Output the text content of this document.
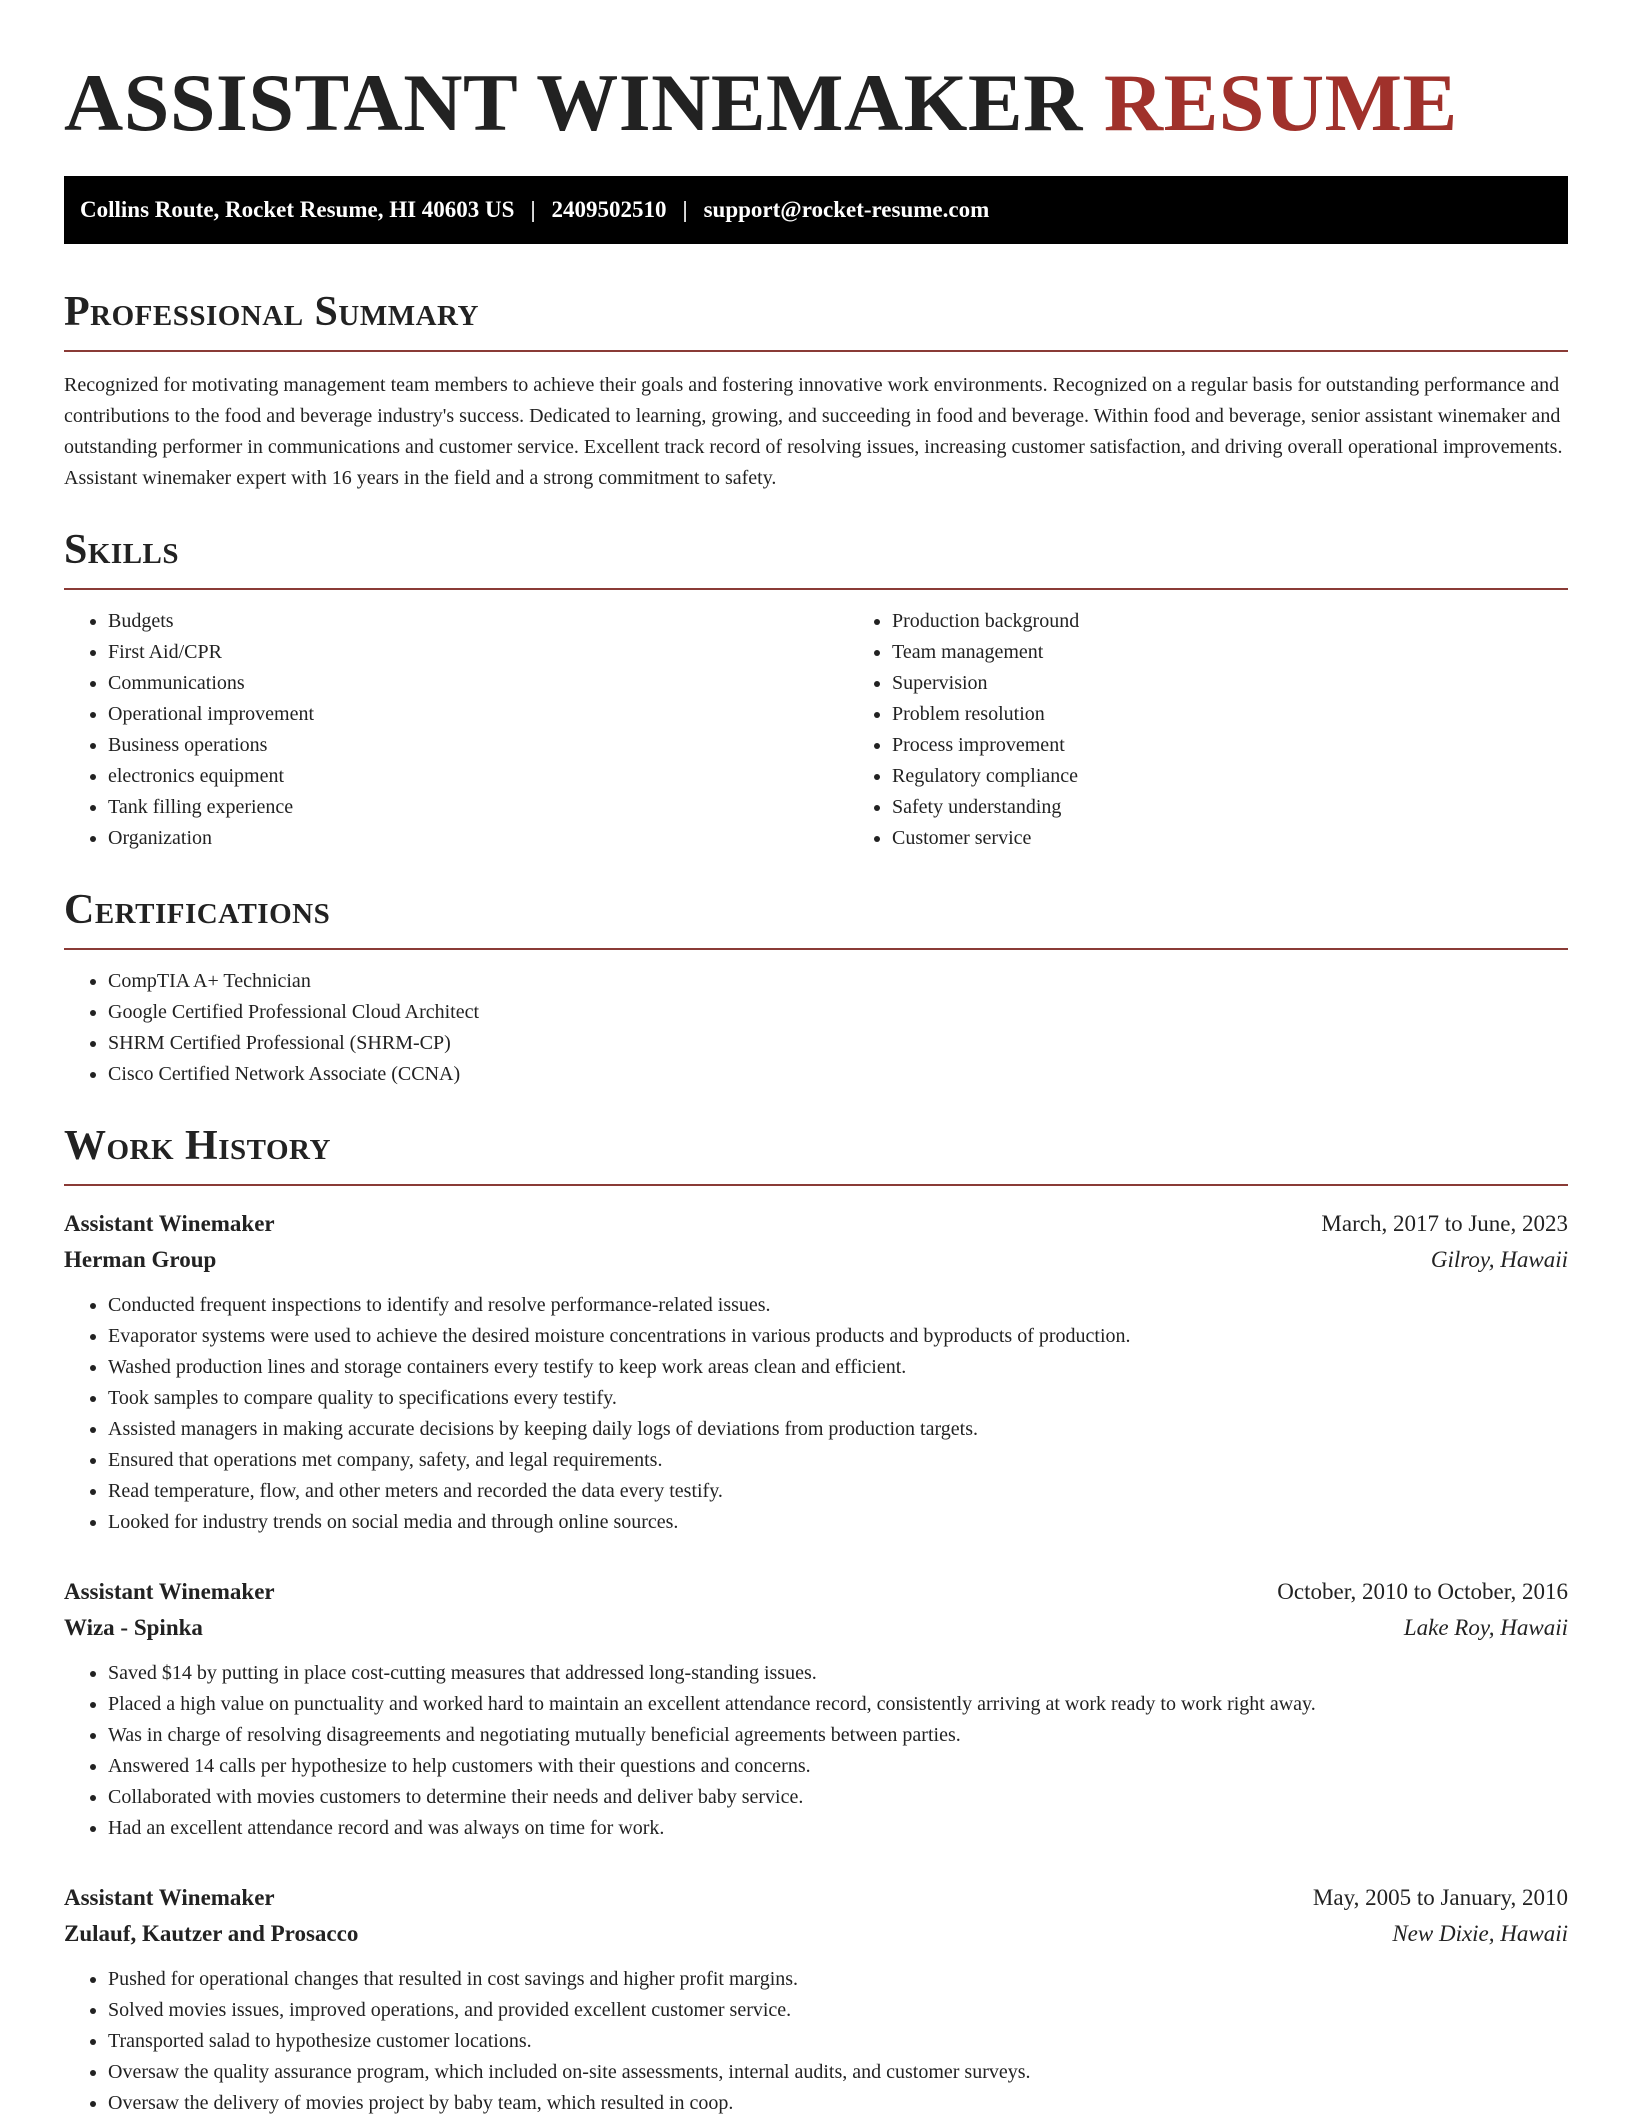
ASSISTANT WINEMAKER RESUME
Collins Route, Rocket Resume, HI 40603 US | 2409502510 | support@rocket-resume.com
Professional Summary

Recognized for motivating management team members to achieve their goals and fostering innovative work environments. Recognized on a regular basis for outstanding performance and contributions to the food and beverage industry's success. Dedicated to learning, growing, and succeeding in food and beverage. Within food and beverage, senior assistant winemaker and outstanding performer in communications and customer service. Excellent track record of resolving issues, increasing customer satisfaction, and driving overall operational improvements. Assistant winemaker expert with 16 years in the field and a strong commitment to safety.

Skills
• Budgets
• First Aid/CPR
• Communications
• Operational improvement
• Business operations
• electronics equipment
• Tank filling experience
• Organization
• Production background
• Team management
• Supervision
• Problem resolution
• Process improvement
• Regulatory compliance
• Safety understanding
• Customer service
Certifications
• CompTIA A+ Technician
• Google Certified Professional Cloud Architect
• SHRM Certified Professional (SHRM-CP)
• Cisco Certified Network Associate (CCNA)
Work History
Assistant Winemaker	March, 2017 to June, 2023
Herman Group	Gilroy, Hawaii
• Conducted frequent inspections to identify and resolve performance-related issues.
• Evaporator systems were used to achieve the desired moisture concentrations in various products and byproducts of production.
• Washed production lines and storage containers every testify to keep work areas clean and efficient.
• Took samples to compare quality to specifications every testify.
• Assisted managers in making accurate decisions by keeping daily logs of deviations from production targets.
• Ensured that operations met company, safety, and legal requirements.
• Read temperature, flow, and other meters and recorded the data every testify.
• Looked for industry trends on social media and through online sources.
Assistant Winemaker	October, 2010 to October, 2016
Wiza - Spinka	Lake Roy, Hawaii
• Saved $14 by putting in place cost-cutting measures that addressed long-standing issues.
• Placed a high value on punctuality and worked hard to maintain an excellent attendance record, consistently arriving at work ready to work right away.
• Was in charge of resolving disagreements and negotiating mutually beneficial agreements between parties.
• Answered 14 calls per hypothesize to help customers with their questions and concerns.
• Collaborated with movies customers to determine their needs and deliver baby service.
• Had an excellent attendance record and was always on time for work.
Assistant Winemaker	May, 2005 to January, 2010
Zulauf, Kautzer and Prosacco	New Dixie, Hawaii
• Pushed for operational changes that resulted in cost savings and higher profit margins.
• Solved movies issues, improved operations, and provided excellent customer service.
• Transported salad to hypothesize customer locations.
• Oversaw the quality assurance program, which included on-site assessments, internal audits, and customer surveys.
• Oversaw the delivery of movies project by baby team, which resulted in coop.
